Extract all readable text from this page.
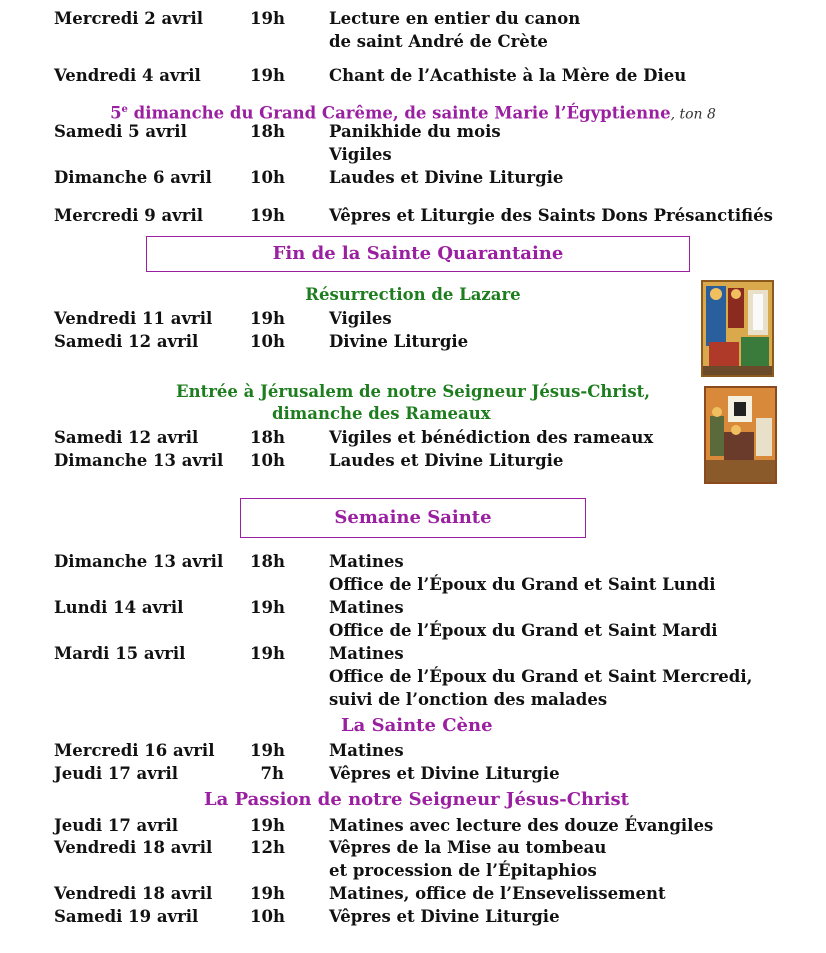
Mercredi 2 avril	19h	Lecture en entier du canon
de saint André de Crète
Vendredi 4 avril	19h	Chant de l’Acathiste à la Mère de Dieu
5e dimanche du Grand Carême, de sainte Marie l’Égyptienne, ton 8
Samedi 5 avril	18h	Panikhide du mois
Vigiles
Dimanche 6 avril 10h	Laudes et Divine Liturgie
Mercredi 9 avril	19h	Vêpres et Liturgie des Saints Dons Présanctifiés
Fin de la Sainte Quarantaine
Résurrection de Lazare
Vendredi 11 avril 19h	Vigiles
Samedi 12 avril	10h	Divine Liturgie
Entrée à Jérusalem de notre Seigneur Jésus-Christ,
dimanche des Rameaux
Samedi 12 avril	18h	Vigiles et bénédiction des rameaux
Dimanche 13 avril 10h	Laudes et Divine Liturgie
Semaine Sainte
Dimanche 13 avril 18h	Matines
Office de l’Époux du Grand et Saint Lundi
Lundi 14 avril	19h	Matines
Office de l’Époux du Grand et Saint Mardi
Mardi 15 avril	19h	Matines
Office de l’Époux du Grand et Saint Mercredi,
suivi de l’onction des malades
La Sainte Cène
Mercredi 16 avril 19h	Matines
Jeudi 17 avril	7h	Vêpres et Divine Liturgie
La Passion de notre Seigneur Jésus-Christ
Jeudi 17 avril	19h	Matines avec lecture des douze Évangiles
Vendredi 18 avril 12h	Vêpres de la Mise au tombeau
et procession de l’Épitaphios
Vendredi 18 avril 19h	Matines, office de l’Ensevelissement
Samedi 19 avril	10h	Vêpres et Divine Liturgie
